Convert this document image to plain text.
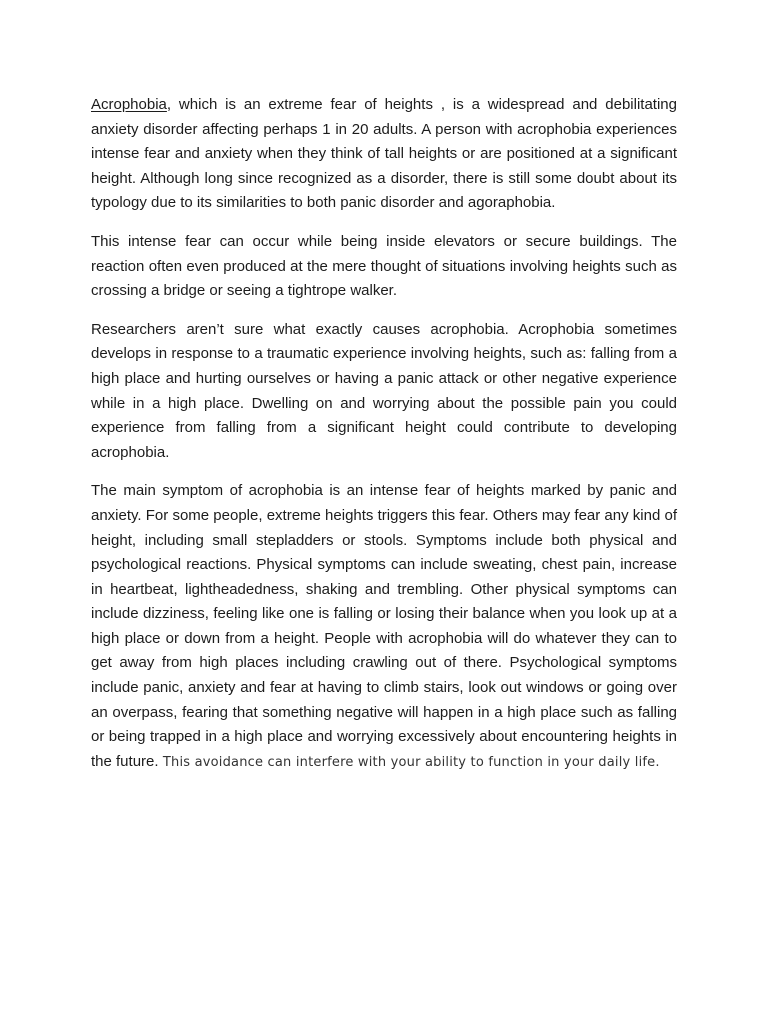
Acrophobia, which is an extreme fear of heights , is a widespread and debilitating anxiety disorder affecting perhaps 1 in 20 adults. A person with acrophobia experiences intense fear and anxiety when they think of tall heights or are positioned at a significant height. Although long since recognized as a disorder, there is still some doubt about its typology due to its similarities to both panic disorder and agoraphobia.

This intense fear can occur while being inside elevators or secure buildings. The reaction often even produced at the mere thought of situations involving heights such as crossing a bridge or seeing a tightrope walker.

Researchers aren’t sure what exactly causes acrophobia. Acrophobia sometimes develops in response to a traumatic experience involving heights, such as: falling from a high place and hurting ourselves or having a panic attack or other negative experience while in a high place. Dwelling on and worrying about the possible pain you could experience from falling from a significant height could contribute to developing acrophobia.

The main symptom of acrophobia is an intense fear of heights marked by panic and anxiety. For some people, extreme heights triggers this fear. Others may fear any kind of height, including small stepladders or stools. Symptoms include both physical and psychological reactions. Physical symptoms can include sweating, chest pain, increase in heartbeat, lightheadedness, shaking and trembling. Other physical symptoms can include dizziness, feeling like one is falling or losing their balance when you look up at a high place or down from a height. People with acrophobia will do whatever they can to get away from high places including crawling out of there. Psychological symptoms include panic, anxiety and fear at having to climb stairs, look out windows or going over an overpass, fearing that something negative will happen in a high place such as falling or being trapped in a high place and worrying excessively about encountering heights in the future. This avoidance can interfere with your ability to function in your daily life.
